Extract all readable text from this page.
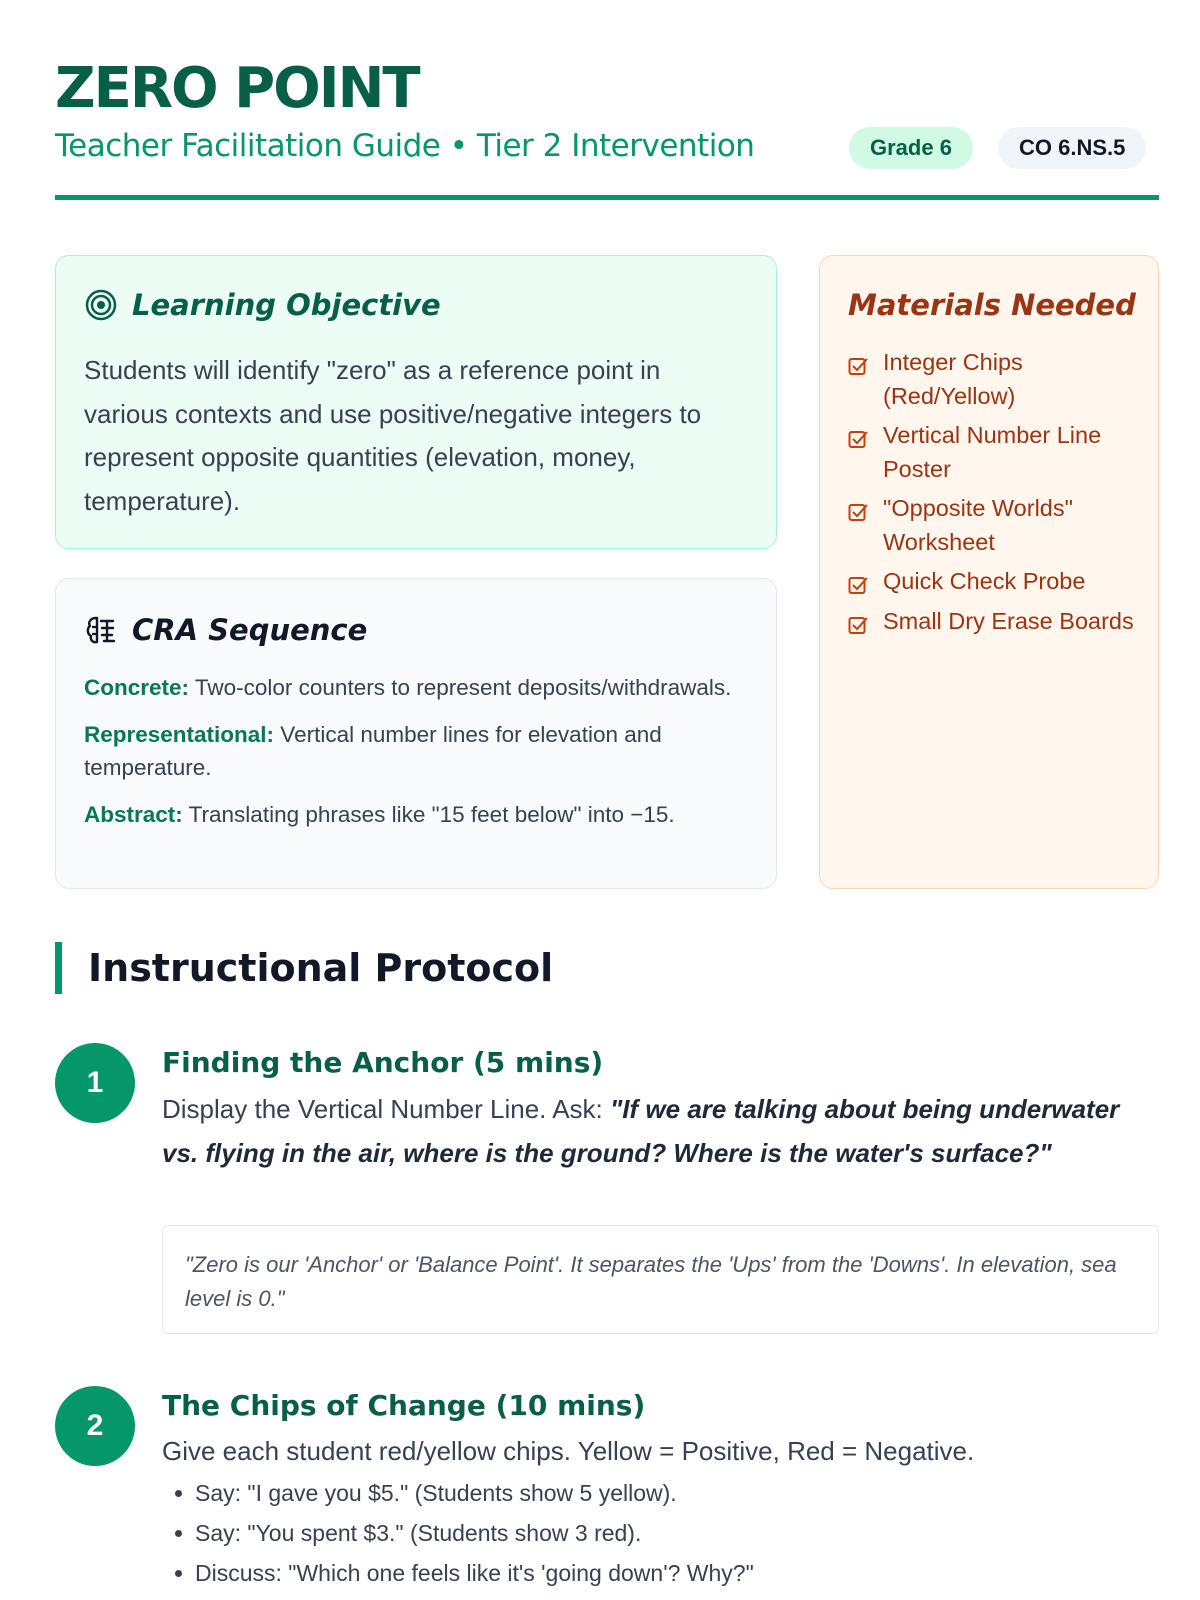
ZERO POINT
Teacher Facilitation Guide • Tier 2 Intervention	Grade 6	CO 6.NS.5
Learning Objective

Students will identify "zero" as a reference point in various contexts and use positive/negative integers to represent opposite quantities (elevation, money, temperature).

CRA Sequence

Concrete: Two-color counters to represent deposits/withdrawals.

Representational: Vertical number lines for elevation and temperature.

Abstract: Translating phrases like "15 feet below" into −15.

Materials Needed
Integer Chips (Red/Yellow)
Vertical Number Line Poster
"Opposite Worlds" Worksheet
Quick Check Probe
Small Dry Erase Boards
Instructional Protocol
1
Finding the Anchor (5 mins)

Display the Vertical Number Line. Ask: "If we are talking about being underwater vs. flying in the air, where is the ground? Where is the water's surface?"

"Zero is our 'Anchor' or 'Balance Point'. It separates the 'Ups' from the 'Downs'. In elevation, sea level is 0."
2
The Chips of Change (10 mins)

Give each student red/yellow chips. Yellow = Positive, Red = Negative.

Say: "I gave you $5." (Students show 5 yellow).
Say: "You spent $3." (Students show 3 red).
Discuss: "Which one feels like it's 'going down'? Why?"
